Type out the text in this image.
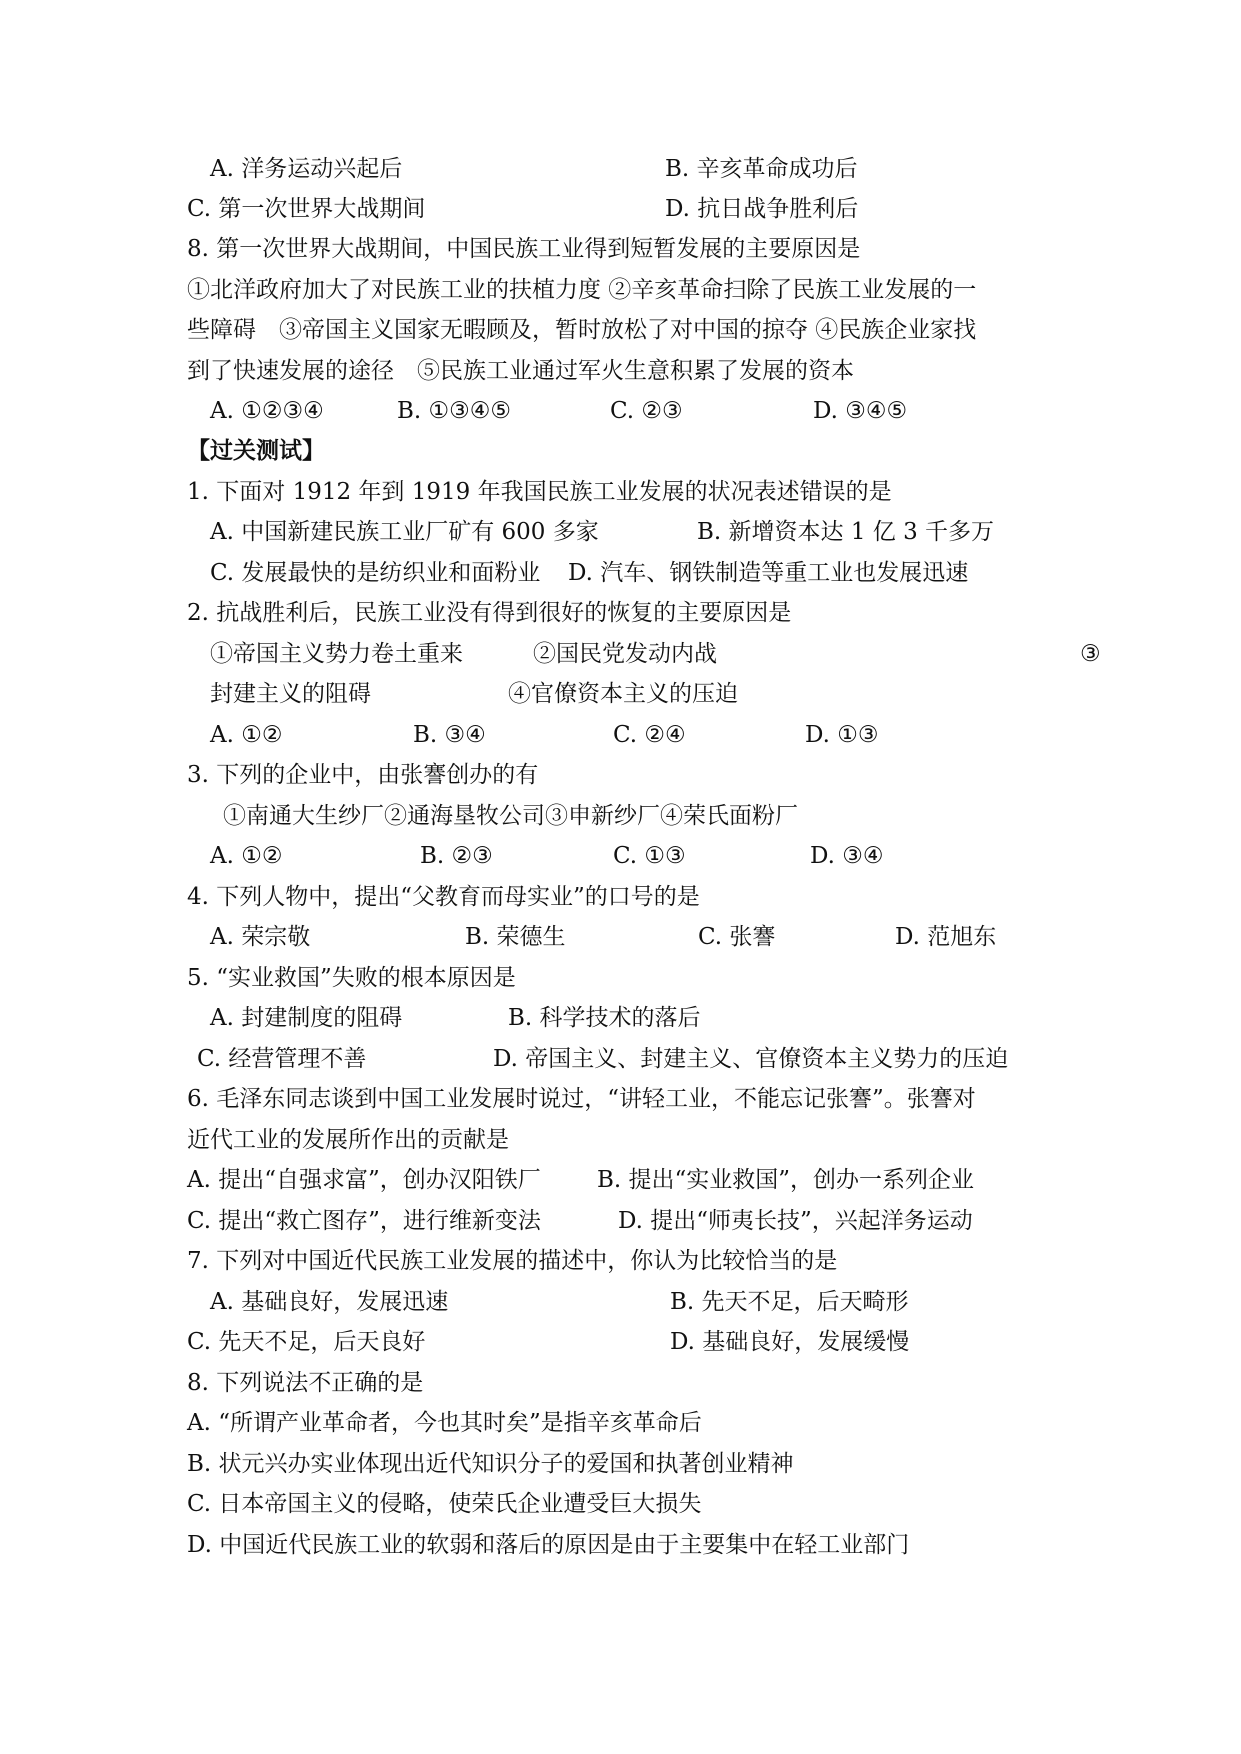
A. 洋务运动兴起后	B. 辛亥革命成功后
C. 第一次世界大战期间	D. 抗日战争胜利后
8. 第一次世界大战期间，中国民族工业得到短暂发展的主要原因是
①北洋政府加大了对民族工业的扶植力度 ②辛亥革命扫除了民族工业发展的一
些障碍　③帝国主义国家无暇顾及，暂时放松了对中国的掠夺 ④民族企业家找
到了快速发展的途径　⑤民族工业通过军火生意积累了发展的资本
A. ①②③④	B. ①③④⑤	C. ②③	D. ③④⑤
【过关测试】
1. 下面对 1912 年到 1919 年我国民族工业发展的状况表述错误的是
A. 中国新建民族工业厂矿有 600 多家	B. 新增资本达 1 亿 3 千多万
C. 发展最快的是纺织业和面粉业 D. 汽车、钢铁制造等重工业也发展迅速
2. 抗战胜利后，民族工业没有得到很好的恢复的主要原因是
①帝国主义势力卷土重来	②国民党发动内战	③
封建主义的阻碍	④官僚资本主义的压迫
A. ①②	B. ③④	C. ②④	D. ①③
3. 下列的企业中，由张謇创办的有
①南通大生纱厂②通海垦牧公司③申新纱厂④荣氏面粉厂
A. ①②	B. ②③	C. ①③	D. ③④
4. 下列人物中，提出“父教育而母实业”的口号的是
A. 荣宗敬	B. 荣德生	C. 张謇	D. 范旭东
5. “实业救国”失败的根本原因是
A. 封建制度的阻碍	B. 科学技术的落后
C. 经营管理不善	D. 帝国主义、封建主义、官僚资本主义势力的压迫
6. 毛泽东同志谈到中国工业发展时说过，“讲轻工业，不能忘记张謇”。张謇对
近代工业的发展所作出的贡献是
A. 提出“自强求富”，创办汉阳铁厂 B. 提出“实业救国”，创办一系列企业
C. 提出“救亡图存”，进行维新变法	D. 提出“师夷长技”，兴起洋务运动
7. 下列对中国近代民族工业发展的描述中，你认为比较恰当的是
A. 基础良好，发展迅速	B. 先天不足，后天畸形
C. 先天不足，后天良好	D. 基础良好，发展缓慢
8. 下列说法不正确的是
A. “所谓产业革命者，今也其时矣”是指辛亥革命后
B. 状元兴办实业体现出近代知识分子的爱国和执著创业精神
C. 日本帝国主义的侵略，使荣氏企业遭受巨大损失
D. 中国近代民族工业的软弱和落后的原因是由于主要集中在轻工业部门
